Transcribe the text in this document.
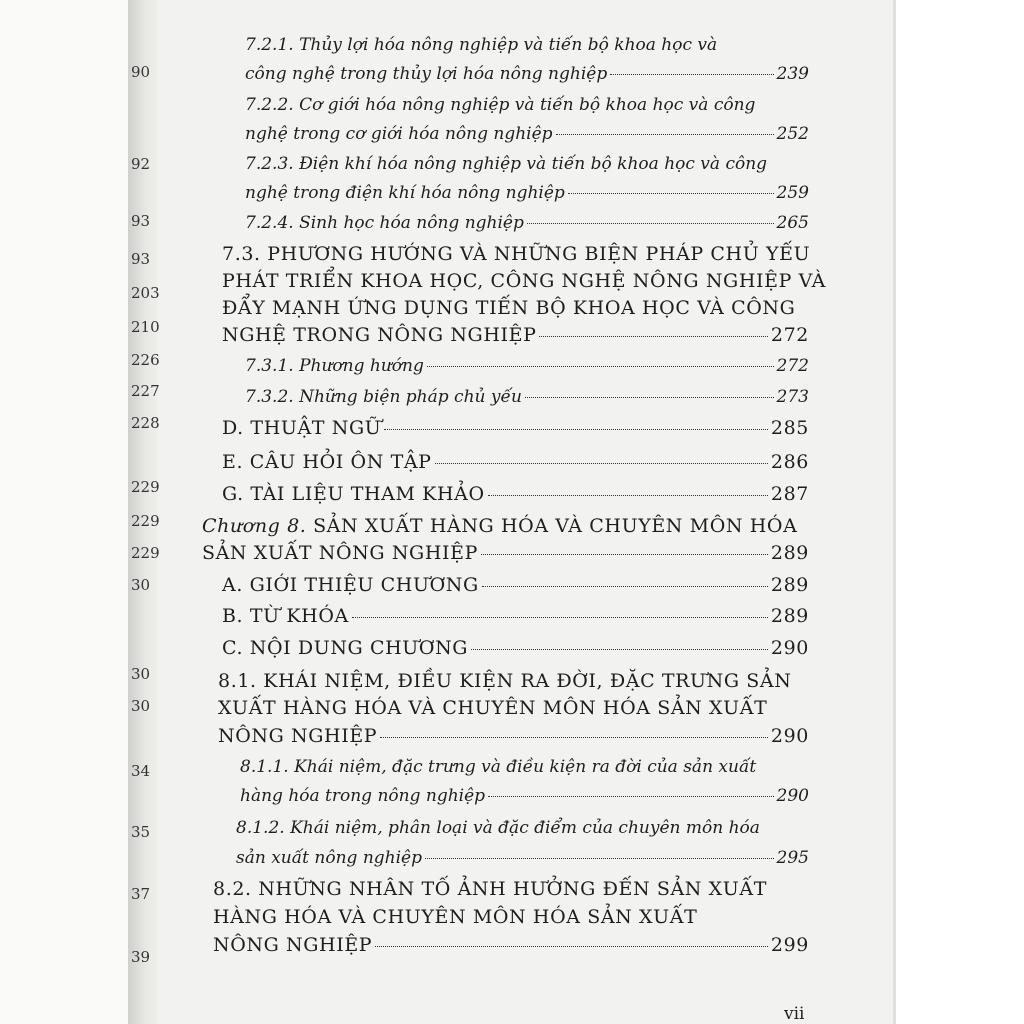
90
92
93
93
203
210
226
227
228
229
229
229
30
30
30
34
35
37
39
7.2.1. Thủy lợi hóa nông nghiệp và tiến bộ khoa học và
công nghệ trong thủy lợi hóa nông nghiệp	239
7.2.2. Cơ giới hóa nông nghiệp và tiến bộ khoa học và công
nghệ trong cơ giới hóa nông nghiệp	252
7.2.3. Điện khí hóa nông nghiệp và tiến bộ khoa học và công
nghệ trong điện khí hóa nông nghiệp	259
7.2.4. Sinh học hóa nông nghiệp	265
7.3. PHƯƠNG HƯỚNG VÀ NHỮNG BIỆN PHÁP CHỦ YẾU
PHÁT TRIỂN KHOA HỌC, CÔNG NGHỆ NÔNG NGHIỆP VÀ
ĐẨY MẠNH ỨNG DỤNG TIẾN BỘ KHOA HỌC VÀ CÔNG
NGHỆ TRONG NÔNG NGHIỆP	272
7.3.1. Phương hướng	272
7.3.2. Những biện pháp chủ yếu	273
D. THUẬT NGỮ	285
E. CÂU HỎI ÔN TẬP	286
G. TÀI LIỆU THAM KHẢO	287
Chương 8. SẢN XUẤT HÀNG HÓA VÀ CHUYÊN MÔN HÓA
SẢN XUẤT NÔNG NGHIỆP	289
A. GIỚI THIỆU CHƯƠNG	289
B. TỪ KHÓA	289
C. NỘI DUNG CHƯƠNG	290
8.1. KHÁI NIỆM, ĐIỀU KIỆN RA ĐỜI, ĐẶC TRƯNG SẢN
XUẤT HÀNG HÓA VÀ CHUYÊN MÔN HÓA SẢN XUẤT
NÔNG NGHIỆP	290
8.1.1. Khái niệm, đặc trưng và điều kiện ra đời của sản xuất
hàng hóa trong nông nghiệp	290
8.1.2. Khái niệm, phân loại và đặc điểm của chuyên môn hóa
sản xuất nông nghiệp	295
8.2. NHỮNG NHÂN TỐ ẢNH HƯỞNG ĐẾN SẢN XUẤT
HÀNG HÓA VÀ CHUYÊN MÔN HÓA SẢN XUẤT
NÔNG NGHIỆP	299
vii
